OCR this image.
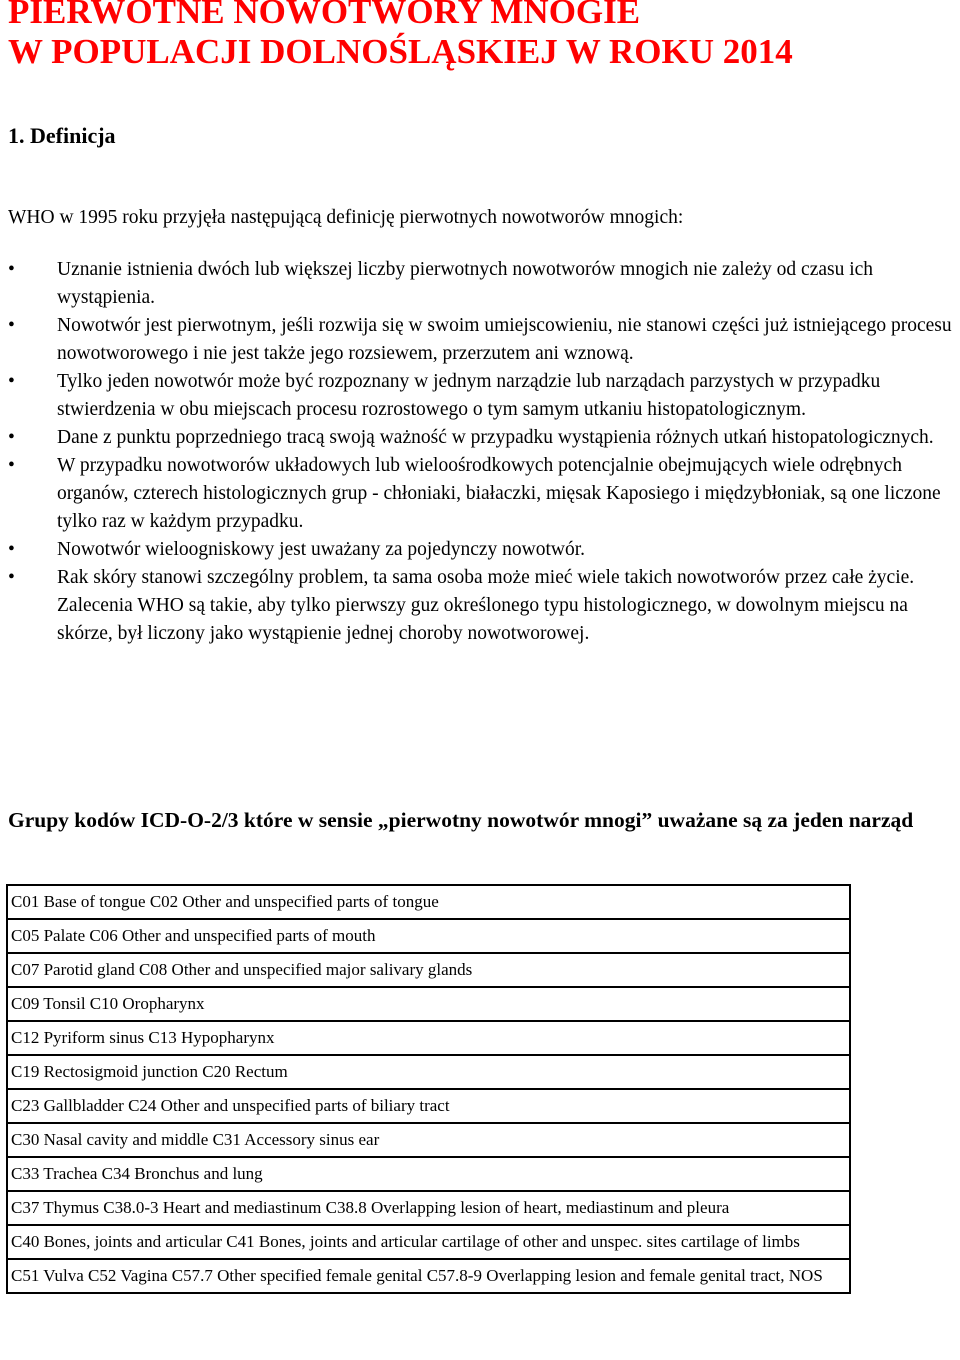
PIERWOTNE NOWOTWORY MNOGIE
W POPULACJI DOLNOŚLĄSKIEJ W ROKU 2014
1. Definicja

WHO w 1995 roku przyjęła następującą definicję pierwotnych nowotworów mnogich:

• Uznanie istnienia dwóch lub większej liczby pierwotnych nowotworów mnogich nie zależy od czasu ich wystąpienia.
• Nowotwór jest pierwotnym, jeśli rozwija się w swoim umiejscowieniu, nie stanowi części już istniejącego procesu nowotworowego i nie jest także jego rozsiewem, przerzutem ani wznową.
• Tylko jeden nowotwór może być rozpoznany w jednym narządzie lub narządach parzystych w przypadku stwierdzenia w obu miejscach procesu rozrostowego o tym samym utkaniu histopatologicznym.
• Dane z punktu poprzedniego tracą swoją ważność w przypadku wystąpienia różnych utkań histopatologicznych.
• W przypadku nowotworów układowych lub wieloośrodkowych potencjalnie obejmujących wiele odrębnych organów, czterech histologicznych grup - chłoniaki, białaczki, mięsak Kaposiego i międzybłoniak, są one liczone tylko raz w każdym przypadku.
• Nowotwór wieloogniskowy jest uważany za pojedynczy nowotwór.
• Rak skóry stanowi szczególny problem, ta sama osoba może mieć wiele takich nowotworów przez całe życie. Zalecenia WHO są takie, aby tylko pierwszy guz określonego typu histologicznego, w dowolnym miejscu na skórze, był liczony jako wystąpienie jednej choroby nowotworowej.
Grupy kodów ICD-O-2/3 które w sensie „pierwotny nowotwór mnogi” uważane są za jeden narząd
C01 Base of tongue C02 Other and unspecified parts of tongue
C05 Palate C06 Other and unspecified parts of mouth
C07 Parotid gland C08 Other and unspecified major salivary glands
C09 Tonsil C10 Oropharynx
C12 Pyriform sinus C13 Hypopharynx
C19 Rectosigmoid junction C20 Rectum
C23 Gallbladder C24 Other and unspecified parts of biliary tract
C30 Nasal cavity and middle C31 Accessory sinus ear
C33 Trachea C34 Bronchus and lung
C37 Thymus C38.0-3 Heart and mediastinum C38.8 Overlapping lesion of heart, mediastinum and pleura
C40 Bones, joints and articular C41 Bones, joints and articular cartilage of other and unspec. sites cartilage of limbs
C51 Vulva C52 Vagina C57.7 Other specified female genital C57.8-9 Overlapping lesion and female genital tract, NOS
